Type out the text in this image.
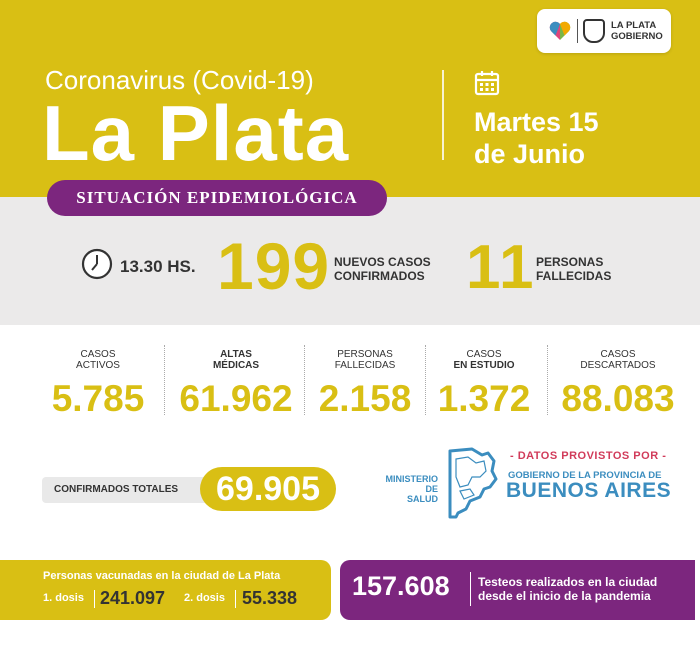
LA PLATA
GOBIERNO
Coronavirus (Covid-19)
La Plata	Martes 15
de Junio
SITUACIÓN EPIDEMIOLÓGICA
13.30 HS. 199 NUEVOS CASOS
CONFIRMADOS 11 PERSONAS
FALLECIDAS
CASOS
ACTIVOS
5.785
ALTAS
MÉDICAS
61.962
PERSONAS
FALLECIDAS
2.158
CASOS
EN ESTUDIO
1.372
CASOS
DESCARTADOS
88.083
CONFIRMADOS TOTALES	69.905	MINISTERIO DE
SALUD
- DATOS PROVISTOS POR -
GOBIERNO DE LA PROVINCIA DE
BUENOS AIRES
Personas vacunadas en la ciudad de La Plata
1. dosis 241.097 2. dosis 55.338 157.608 Testeos realizados en la ciudad
desde el inicio de la pandemia
